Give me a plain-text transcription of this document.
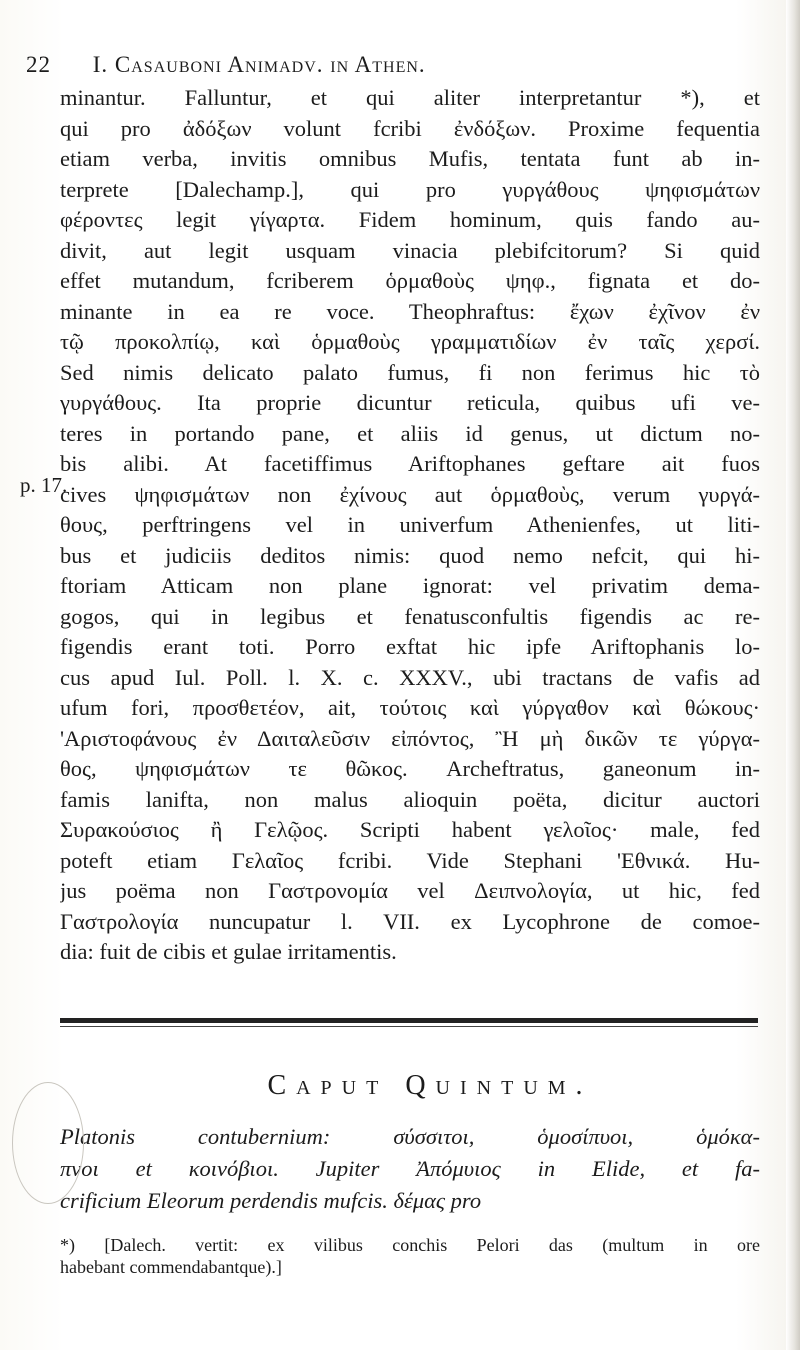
22 I. Casauboni Animadv. in Athen.
p. 17.
minantur. Falluntur, et qui aliter interpretantur *), et
qui pro ἀδόξων volunt fcribi ἐνδόξων. Proxime fequentia
etiam verba, invitis omnibus Mufis, tentata funt ab in-
terprete [Dalechamp.], qui pro γυργάθους ψηφισμάτων
φέροντες legit γίγαρτα. Fidem hominum, quis fando au-
divit, aut legit usquam vinacia plebifcitorum? Si quid
effet mutandum, fcriberem ὁρμαθοὺς ψηφ., fignata et do-
minante in ea re voce. Theophraftus: ἔχων ἐχῖνον ἐν
τῷ προκολπίῳ, καὶ ὁρμαθοὺς γραμματιδίων ἐν ταῖς χερσί.
Sed nimis delicato palato fumus, fi non ferimus hic τὸ
γυργάθους. Ita proprie dicuntur reticula, quibus ufi ve-
teres in portando pane, et aliis id genus, ut dictum no-
bis alibi. At facetiffimus Ariftophanes geftare ait fuos
cives ψηφισμάτων non ἐχίνους aut ὁρμαθοὺς, verum γυργά-
θους, perftringens vel in univerfum Athenienfes, ut liti-
bus et judiciis deditos nimis: quod nemo nefcit, qui hi-
ftoriam Atticam non plane ignorat: vel privatim dema-
gogos, qui in legibus et fenatusconfultis figendis ac re-
figendis erant toti. Porro exftat hic ipfe Ariftophanis lo-
cus apud Iul. Poll. l. X. c. XXXV., ubi tractans de vafis ad
ufum fori, προσθετέον, ait, τούτοις καὶ γύργαθον καὶ θώκους·
'Αριστοφάνους ἐν Δαιταλεῦσιν εἰπόντος, Ἢ μὴ δικῶν τε γύργα-
θος, ψηφισμάτων τε θῶκος. Archeftratus, ganeonum in-
famis lanifta, non malus alioquin poëta, dicitur auctori
Συρακούσιος ἢ Γελῷος. Scripti habent γελοῖος· male, fed
poteft etiam Γελαῖος fcribi. Vide Stephani 'Εθνικά. Hu-
jus poëma non Γαστρονομία vel Δειπνολογία, ut hic, fed
Γαστρολογία nuncupatur l. VII. ex Lycophrone de comoe-
dia: fuit de cibis et gulae irritamentis.
Caput Quintum.
Platonis contubernium: σύσσιτοι, ὁμοσίπυοι, ὁμόκα-
πνοι et κοινόβιοι. Jupiter Ἀπόμυιος in Elide, et fa-
crificium Eleorum perdendis mufcis. δέμας pro
*) [Dalech. vertit: ex vilibus conchis Pelori das (multum in ore
habebant commendabantque).]
